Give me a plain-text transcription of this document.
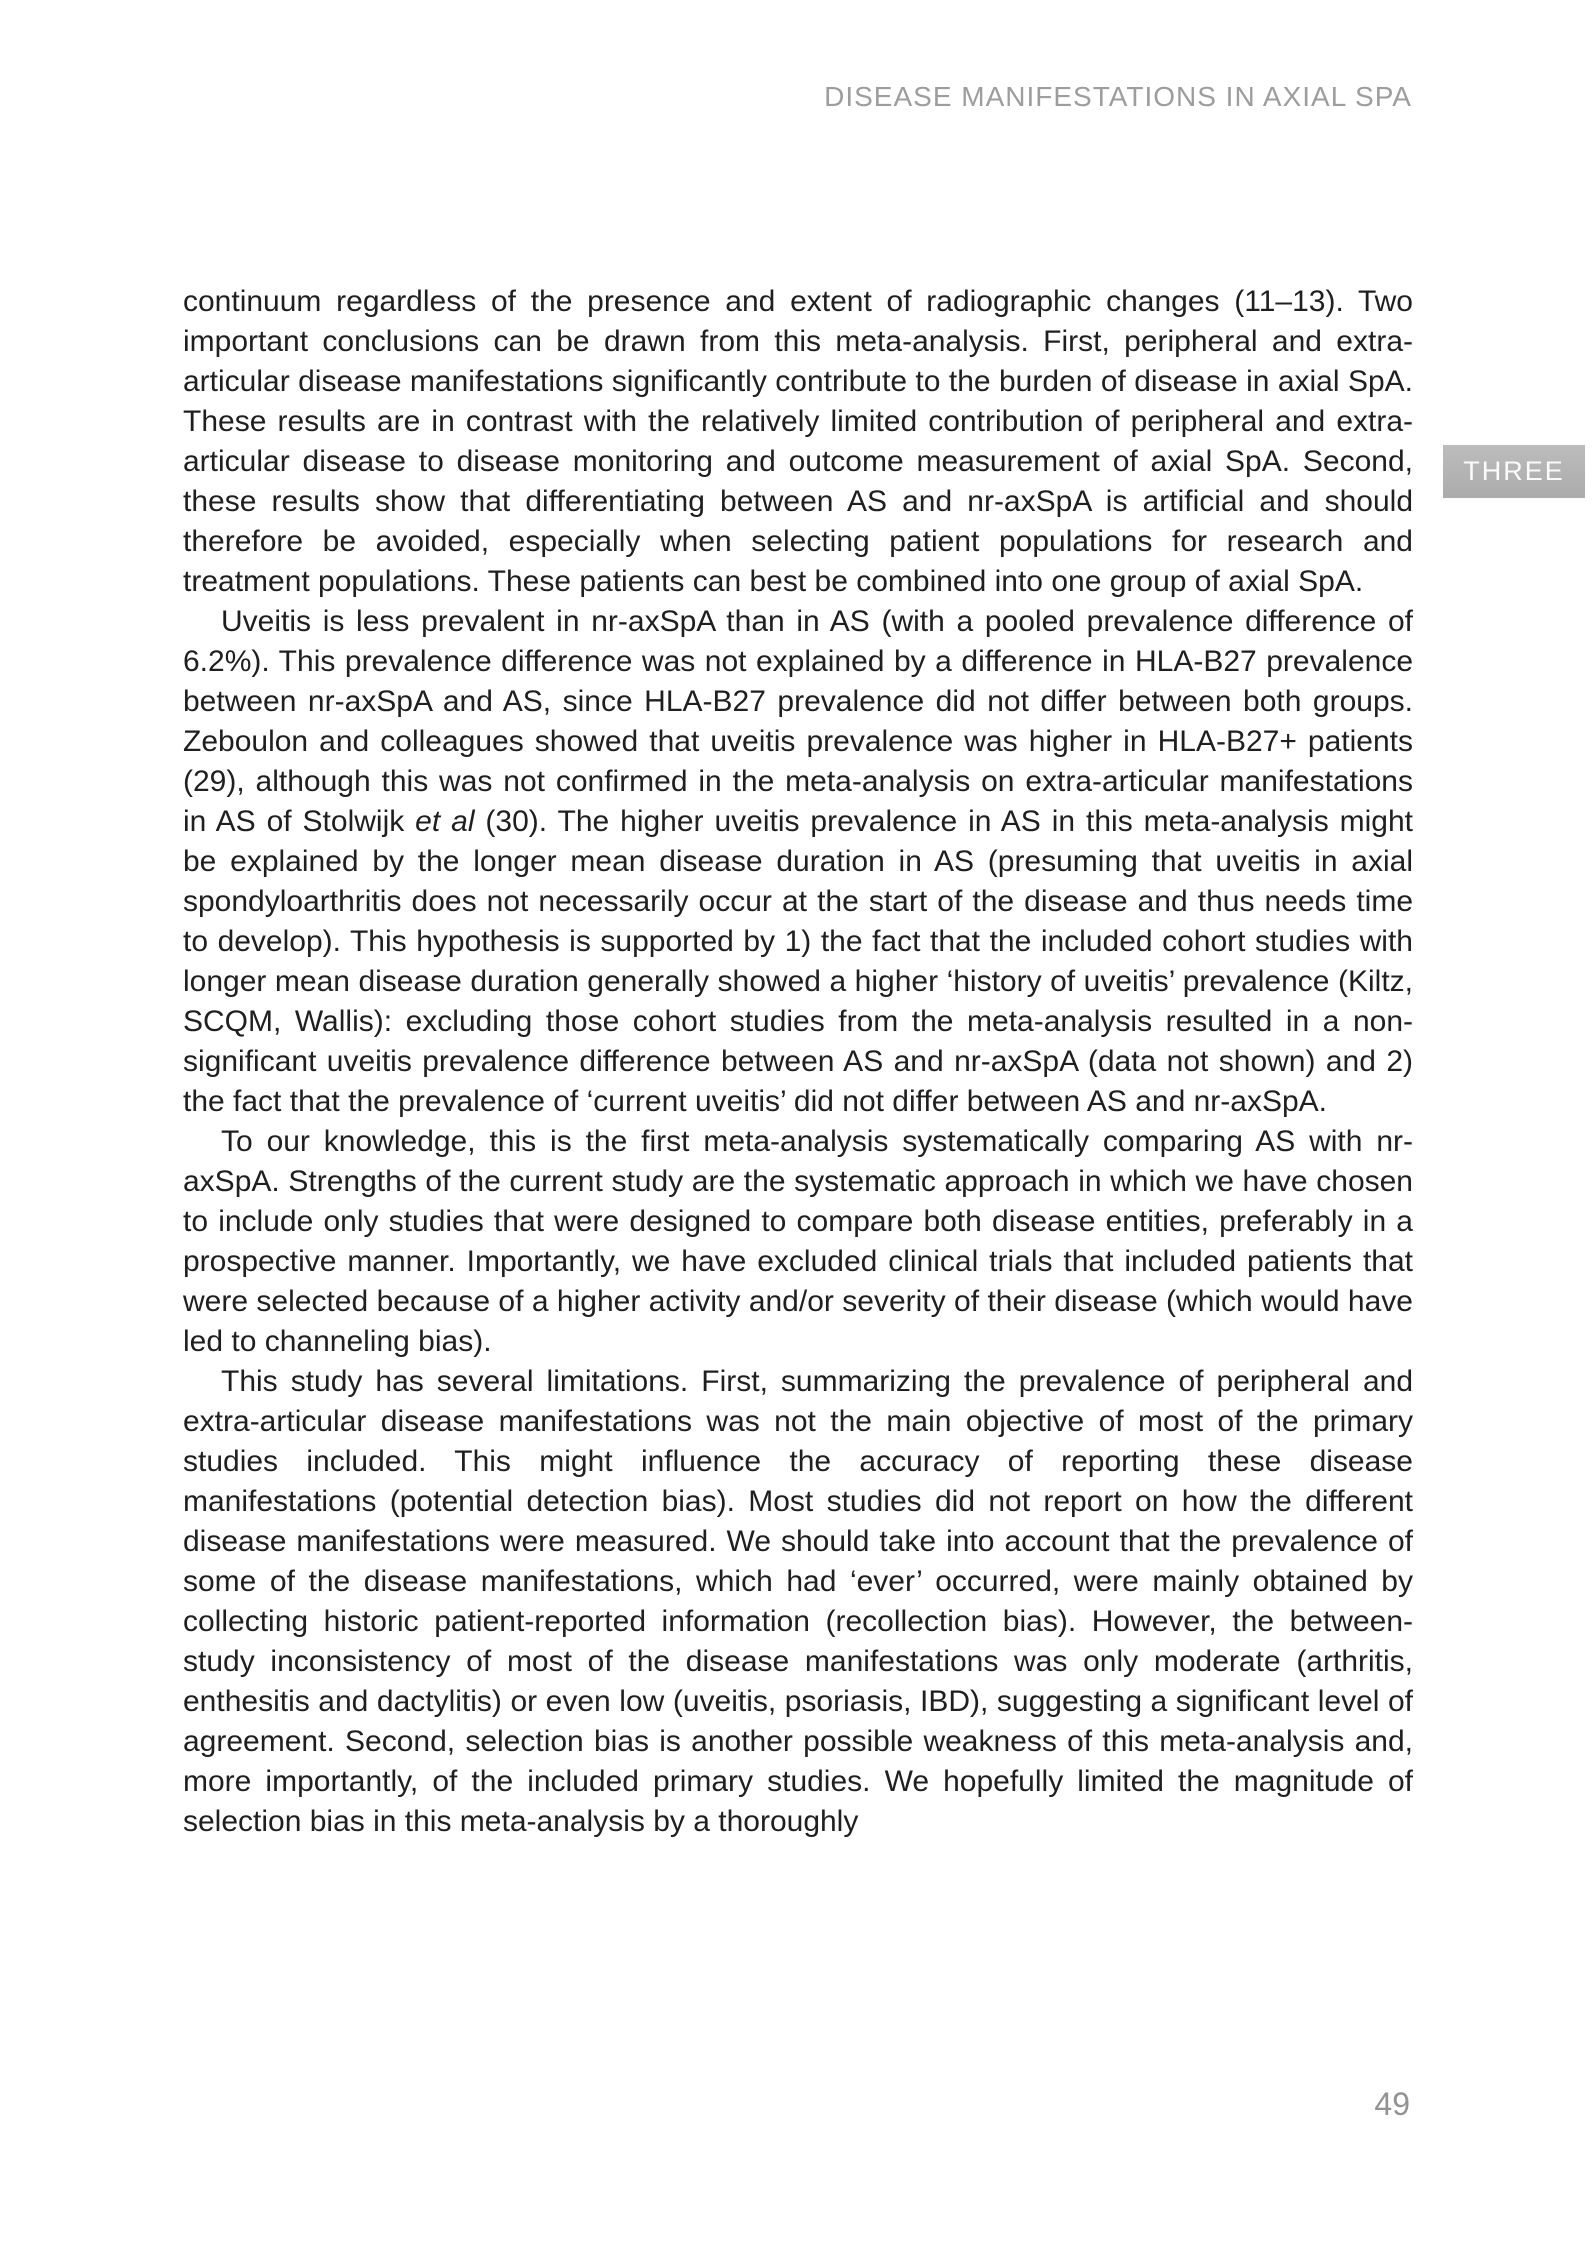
DISEASE MANIFESTATIONS IN AXIAL SPA
THREE

continuum regardless of the presence and extent of radiographic changes (11–13). Two important conclusions can be drawn from this meta-analysis. First, peripheral and extra-articular disease manifestations significantly contribute to the burden of disease in axial SpA. These results are in contrast with the relatively limited contribution of peripheral and extra-articular disease to disease monitoring and outcome measurement of axial SpA. Second, these results show that differentiating between AS and nr-axSpA is artificial and should therefore be avoided, especially when selecting patient populations for research and treatment populations. These patients can best be combined into one group of axial SpA.

Uveitis is less prevalent in nr-axSpA than in AS (with a pooled prevalence difference of 6.2%). This prevalence difference was not explained by a difference in HLA-B27 prevalence between nr-axSpA and AS, since HLA-B27 prevalence did not differ between both groups. Zeboulon and colleagues showed that uveitis prevalence was higher in HLA-B27+ patients (29), although this was not confirmed in the meta-analysis on extra-articular manifestations in AS of Stolwijk et al (30). The higher uveitis prevalence in AS in this meta-analysis might be explained by the longer mean disease duration in AS (presuming that uveitis in axial spondyloarthritis does not necessarily occur at the start of the disease and thus needs time to develop). This hypothesis is supported by 1) the fact that the included cohort studies with longer mean disease duration generally showed a higher ‘history of uveitis’ prevalence (Kiltz, SCQM, Wallis): excluding those cohort studies from the meta-analysis resulted in a non-significant uveitis prevalence difference between AS and nr-axSpA (data not shown) and 2) the fact that the prevalence of ‘current uveitis’ did not differ between AS and nr-axSpA.

To our knowledge, this is the first meta-analysis systematically comparing AS with nr-axSpA. Strengths of the current study are the systematic approach in which we have chosen to include only studies that were designed to compare both disease entities, preferably in a prospective manner. Importantly, we have excluded clinical trials that included patients that were selected because of a higher activity and/or severity of their disease (which would have led to channeling bias).

This study has several limitations. First, summarizing the prevalence of peripheral and extra-articular disease manifestations was not the main objective of most of the primary studies included. This might influence the accuracy of reporting these disease manifestations (potential detection bias). Most studies did not report on how the different disease manifestations were measured. We should take into account that the prevalence of some of the disease manifestations, which had ‘ever’ occurred, were mainly obtained by collecting historic patient-reported information (recollection bias). However, the between-study inconsistency of most of the disease manifestations was only moderate (arthritis, enthesitis and dactylitis) or even low (uveitis, psoriasis, IBD), suggesting a significant level of agreement. Second, selection bias is another possible weakness of this meta-analysis and, more importantly, of the included primary studies. We hopefully limited the magnitude of selection bias in this meta-analysis by a thoroughly

49
